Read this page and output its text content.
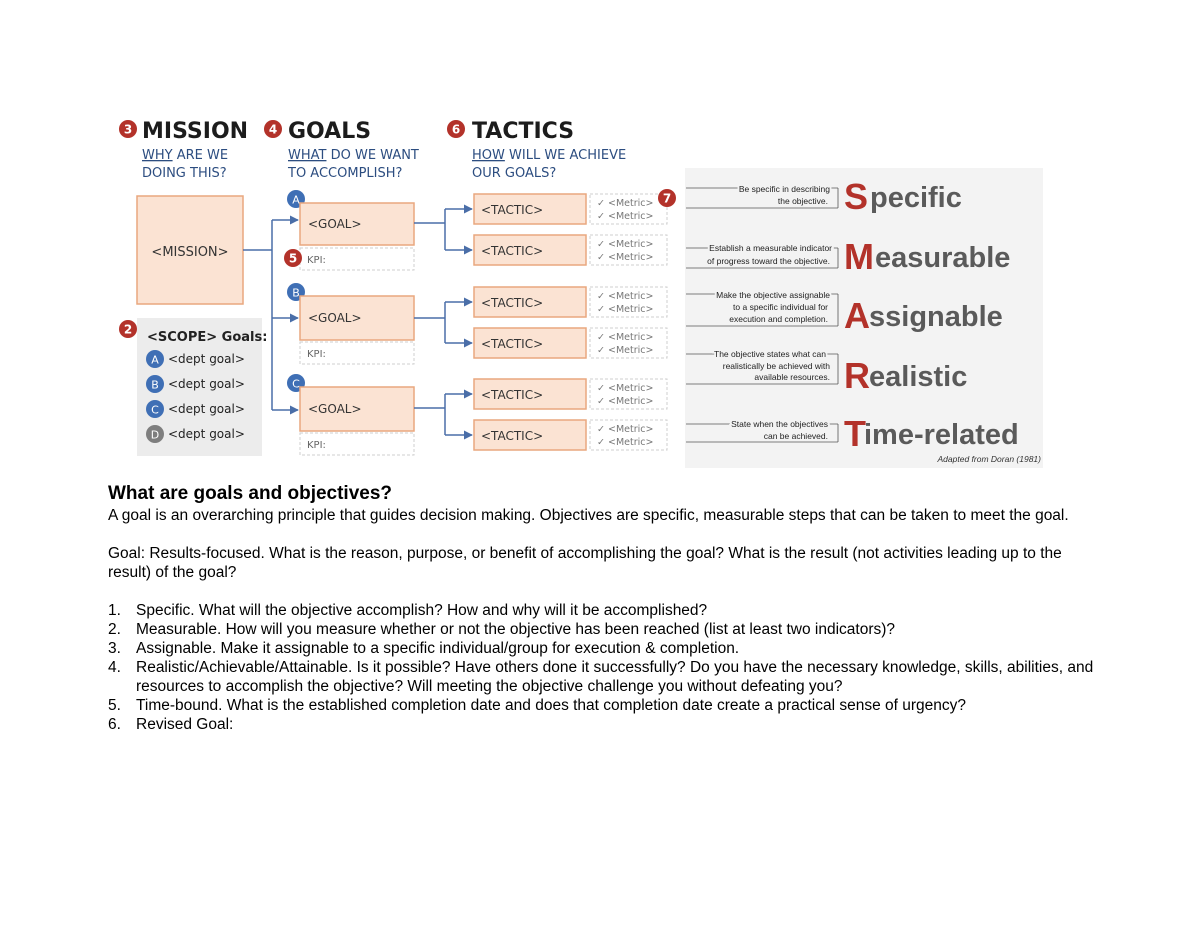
3 MISSION
WHY ARE WE
DOING THIS?
<MISSION>
2
<SCOPE> Goals:
A <dept goal>
B <dept goal>
C <dept goal>
D <dept goal>
4 GOALS
WHAT DO WE WANT
TO ACCOMPLISH?
A
<GOAL>
KPI:
5
B
<GOAL>
KPI:
C
<GOAL>
KPI:
6 TACTICS
HOW WILL WE ACHIEVE
OUR GOALS?
<TACTIC>	✓ <Metric>
✓ <Metric>
7
<TACTIC>	✓ <Metric>
✓ <Metric>
<TACTIC>	✓ <Metric>
✓ <Metric>
<TACTIC>	✓ <Metric>
✓ <Metric>
<TACTIC>	✓ <Metric>
✓ <Metric>
<TACTIC>	✓ <Metric>
✓ <Metric>
Be specific in describing
the objective. S pecific
Establish a measurable indicator
of progress toward the objective. M easurable
Make the objective assignable
to a specific individual for
execution and completion. A ssignable
The objective states what can
realistically be achieved with
available resources. R ealistic
State when the objectives
can be achieved. T
ime-related
Adapted from Doran (1981)
What are goals and objectives?

A goal is an overarching principle that guides decision making. Objectives are specific, measurable steps that can be taken to meet the goal.

Goal: Results-focused. What is the reason, purpose, or benefit of accomplishing the goal? What is the result (not activities leading up to the result) of the goal?

1. Specific. What will the objective accomplish? How and why will it be accomplished?
2. Measurable. How will you measure whether or not the objective has been reached (list at least two indicators)?
3. Assignable. Make it assignable to a specific individual/group for execution & completion.
4. Realistic/Achievable/Attainable. Is it possible? Have others done it successfully? Do you have the necessary knowledge, skills, abilities, and resources to accomplish the objective? Will meeting the objective challenge you without defeating you?
5. Time-bound. What is the established completion date and does that completion date create a practical sense of urgency?
6. Revised Goal:
